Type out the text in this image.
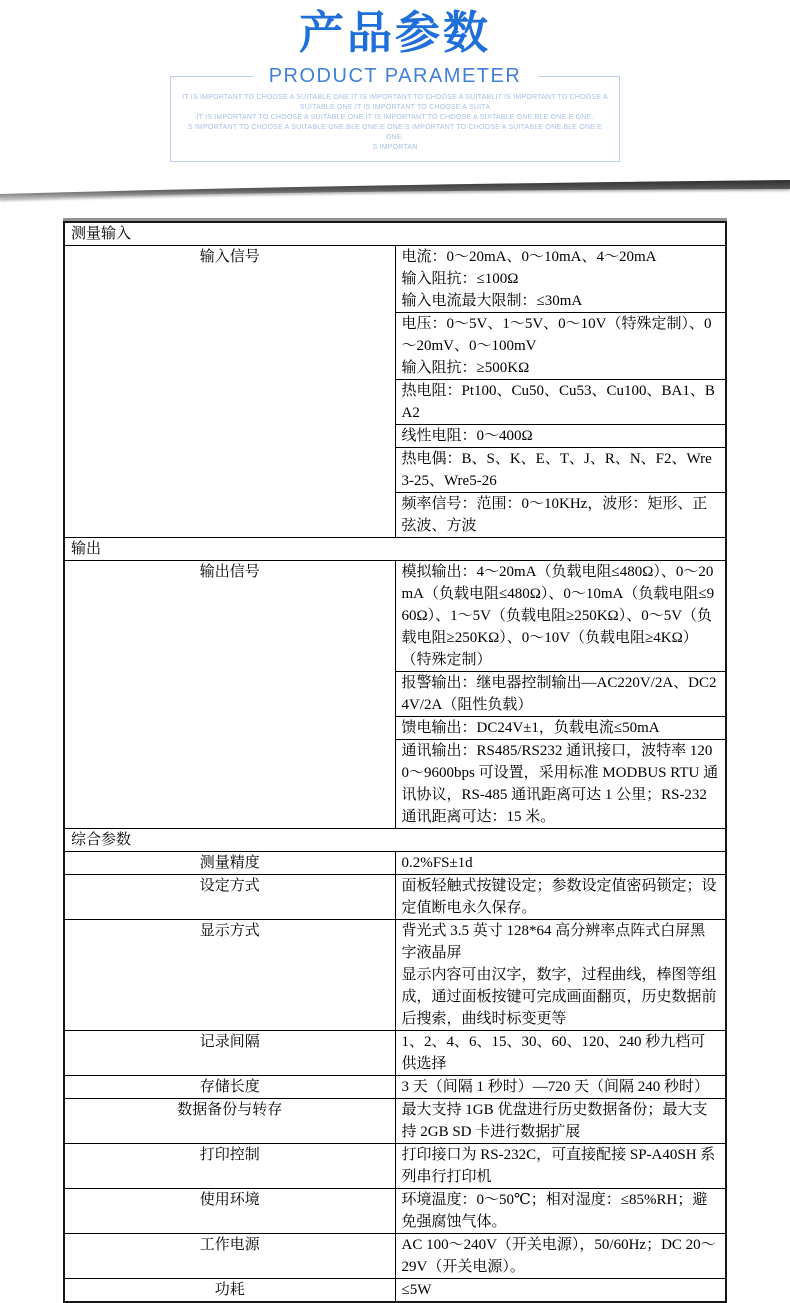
产品参数
PRODUCT PARAMETER
IT IS IMPORTANT TO CHOOSE A SUITABLE ONE.IT IS IMPORTANT TO CHOOSE A SUITABLIT IS IMPORTANT TO CHOOSE A SUITABLE ONE.IT IS IMPORTANT TO CHOOSE A SUITA
IT IS IMPORTANT TO CHOOSE A SUITABLE ONE.IT IS IMPORTANT TO CHOOSE A SUITABLE ONE.BLE ONE.E ONE.
S IMPORTANT TO CHOOSE A SUITABLE ONE.BLE ONE.E ONE.S IMPORTANT TO CHOOSE A SUITABLE ONE.BLE ONE.E ONE.
S IMPORTAN
测量输入	
输入信号	电流：0～20mA、0～10mA、4～20mA
输入阻抗：≤100Ω
输入电流最大限制：≤30mA

	电压：0～5V、1～5V、0～10V（特殊定制）、0～20mV、0～100mV
输入阻抗：≥500KΩ

	热电阻：Pt100、Cu50、Cu53、Cu100、BA1、BA2
	线性电阻：0～400Ω
	热电偶：B、S、K、E、T、J、R、N、F2、Wre3-25、Wre5-26
	频率信号：范围：0～10KHz，波形：矩形、正弦波、方波
输出	
输出信号	模拟输出：4～20mA（负载电阻≤480Ω）、0～20mA（负载电阻≤480Ω）、0～10mA（负载电阻≤960Ω）、1～5V（负载电阻≥250KΩ）、0～5V（负载电阻≥250KΩ）、0～10V（负载电阻≥4KΩ）（特殊定制）
	报警输出：继电器控制输出—AC220V/2A、DC24V/2A（阻性负载）
	馈电输出：DC24V±1，负载电流≤50mA
	通讯输出：RS485/RS232 通讯接口，波特率 1200～9600bps 可设置，采用标准 MODBUS RTU 通讯协议，RS-485 通讯距离可达 1 公里；RS-232 通讯距离可达：15 米。
综合参数	
测量精度	0.2%FS±1d
设定方式	面板轻触式按键设定；参数设定值密码锁定；设定值断电永久保存。
显示方式	背光式 3.5 英寸 128*64 高分辨率点阵式白屏黑字液晶屏
显示内容可由汉字，数字，过程曲线，棒图等组成，通过面板按键可完成画面翻页，历史数据前后搜索，曲线时标变更等

记录间隔	1、2、4、6、15、30、60、120、240 秒九档可供选择
存储长度	3 天（间隔 1 秒时）—720 天（间隔 240 秒时）
数据备份与转存	最大支持 1GB 优盘进行历史数据备份；最大支持 2GB SD 卡进行数据扩展
打印控制	打印接口为 RS-232C，可直接配接 SP-A40SH 系列串行打印机
使用环境	环境温度：0～50℃；相对湿度：≤85%RH；避免强腐蚀气体。
工作电源	AC 100～240V（开关电源），50/60Hz；DC 20～29V（开关电源）。
功耗	≤5W
